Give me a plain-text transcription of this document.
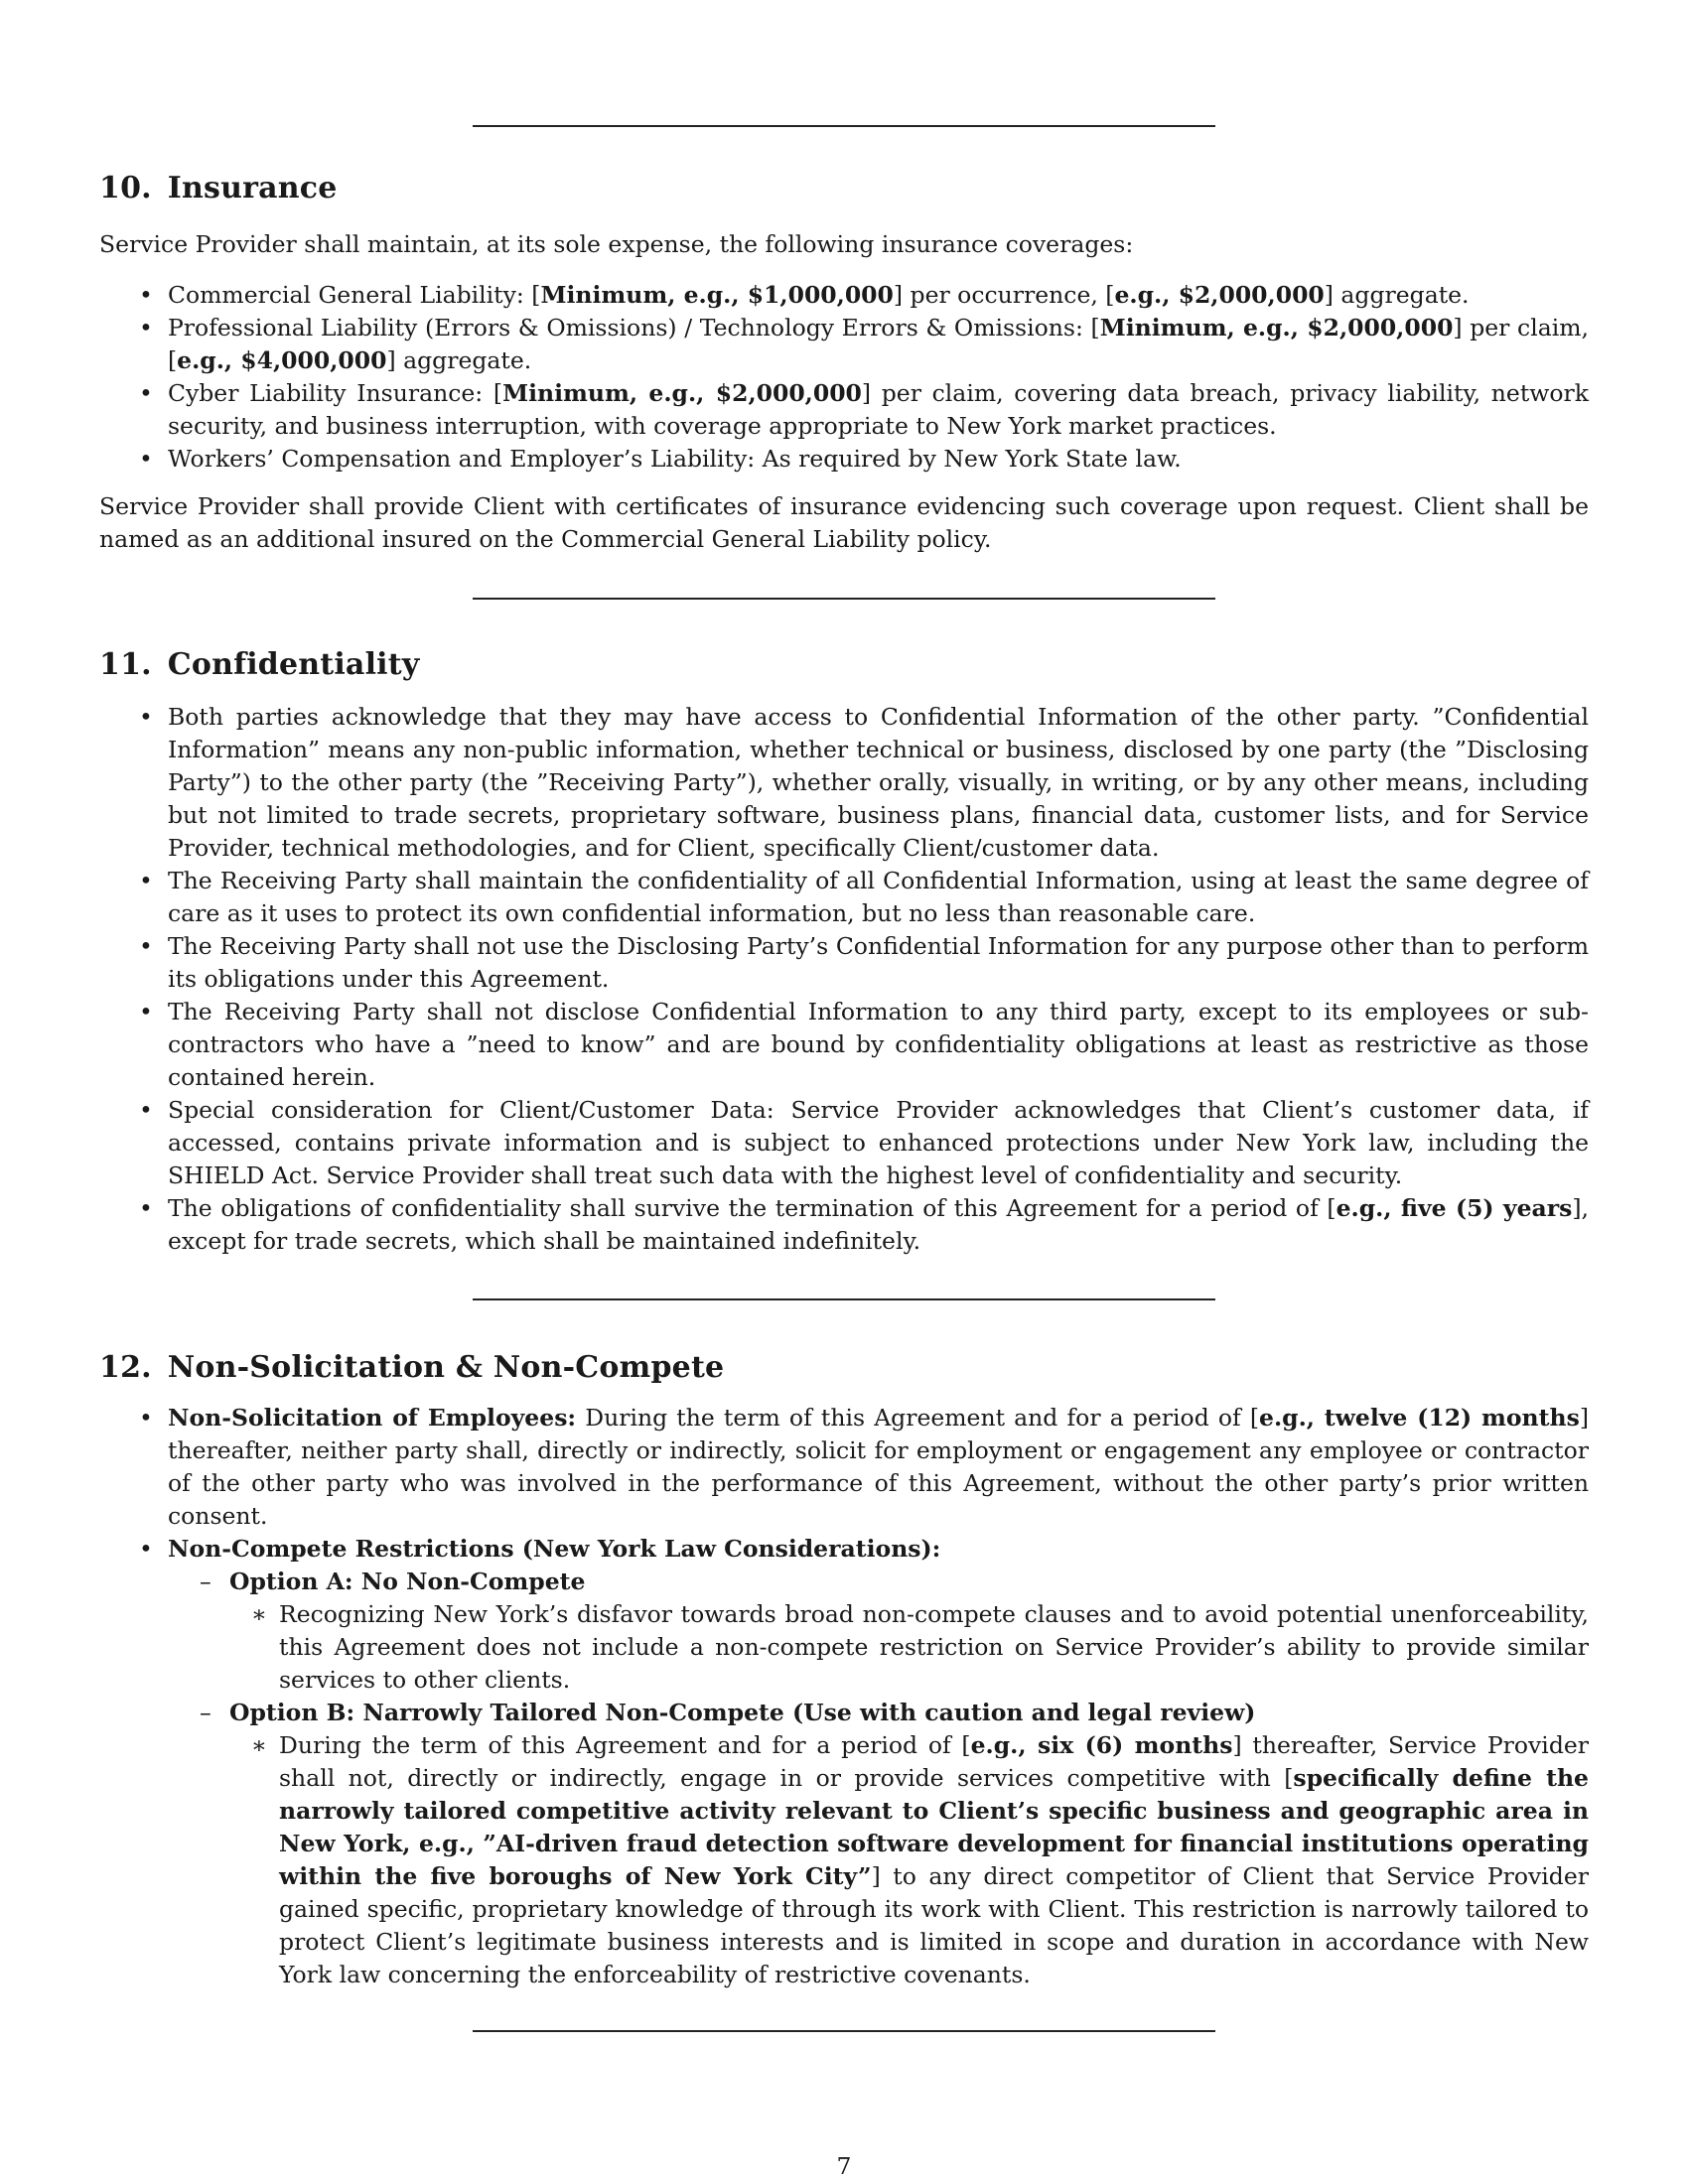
10. Insurance

Service Provider shall maintain, at its sole expense, the following insurance coverages:

• Commercial General Liability: [Minimum, e.g., $1,000,000] per occurrence, [e.g., $2,000,000] aggregate.
• Professional Liability (Errors & Omissions) / Technology Errors & Omissions: [Minimum, e.g., $2,000,000] per claim, [e.g., $4,000,000] aggregate.
• Cyber Liability Insurance: [Minimum, e.g., $2,000,000] per claim, covering data breach, privacy liability, network security, and business interruption, with coverage appropriate to New York market practices.
• Workers’ Compensation and Employer’s Liability: As required by New York State law.

Service Provider shall provide Client with certificates of insurance evidencing such coverage upon request. Client shall be named as an additional insured on the Commercial General Liability policy.

11. Confidentiality
• Both parties acknowledge that they may have access to Confidential Information of the other party. ”Confidential Information” means any non-public information, whether technical or business, disclosed by one party (the ”Disclosing Party”) to the other party (the ”Receiving Party”), whether orally, visually, in writing, or by any other means, including but not limited to trade secrets, proprietary software, business plans, financial data, customer lists, and for Service Provider, technical methodologies, and for Client, specifically Client/customer data.
• The Receiving Party shall maintain the confidentiality of all Confidential Information, using at least the same degree of care as it uses to protect its own confidential information, but no less than reasonable care.
• The Receiving Party shall not use the Disclosing Party’s Confidential Information for any purpose other than to perform its obligations under this Agreement.
• The Receiving Party shall not disclose Confidential Information to any third party, except to its employees or sub-contractors who have a ”need to know” and are bound by confidentiality obligations at least as restrictive as those contained herein.
• Special consideration for Client/Customer Data: Service Provider acknowledges that Client’s customer data, if accessed, contains private information and is subject to enhanced protections under New York law, including the SHIELD Act. Service Provider shall treat such data with the highest level of confidentiality and security.
• The obligations of confidentiality shall survive the termination of this Agreement for a period of [e.g., five (5) years], except for trade secrets, which shall be maintained indefinitely.
12. Non-Solicitation & Non-Compete
• Non-Solicitation of Employees: During the term of this Agreement and for a period of [e.g., twelve (12) months] thereafter, neither party shall, directly or indirectly, solicit for employment or engagement any employee or contractor of the other party who was involved in the performance of this Agreement, without the other party’s prior written consent.
• Non-Compete Restrictions (New York Law Considerations):
– Option A: No Non-Compete
∗ Recognizing New York’s disfavor towards broad non-compete clauses and to avoid potential unenforceability, this Agreement does not include a non-compete restriction on Service Provider’s ability to provide similar services to other clients.
– Option B: Narrowly Tailored Non-Compete (Use with caution and legal review)
∗ During the term of this Agreement and for a period of [e.g., six (6) months] thereafter, Service Provider shall not, directly or indirectly, engage in or provide services competitive with [specifically define the narrowly tailored competitive activity relevant to Client’s specific business and geographic area in New York, e.g., ”AI-driven fraud detection software development for financial institutions operating within the five boroughs of New York City”] to any direct competitor of Client that Service Provider gained specific, proprietary knowledge of through its work with Client. This restriction is narrowly tailored to protect Client’s legitimate business interests and is limited in scope and duration in accordance with New York law concerning the enforceability of restrictive covenants.
7
